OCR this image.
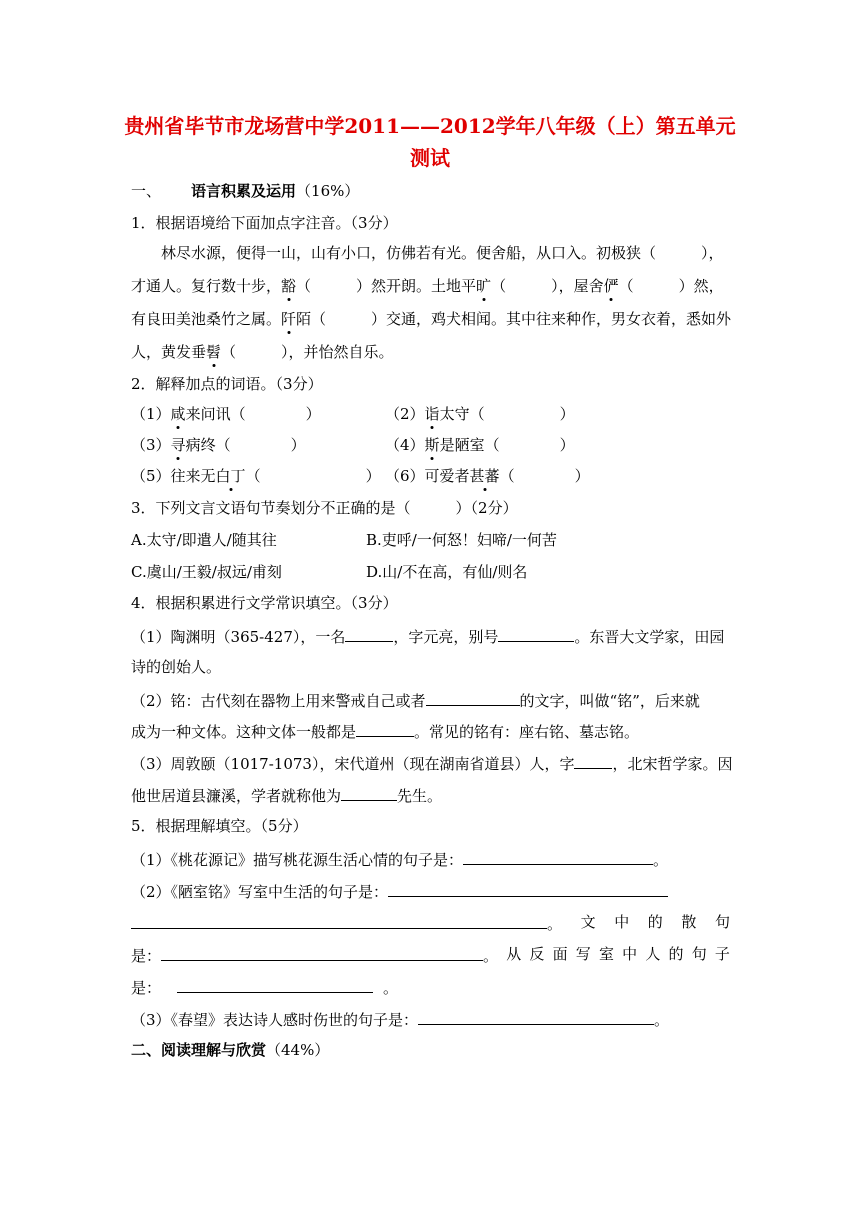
贵州省毕节市龙场营中学2011——2012学年八年级（上）第五单元
测试
一、 语言积累及运用（16%）
1．根据语境给下面加点字注音。（3分）
林尽水源，便得一山，山有小口，仿佛若有光。便舍船，从口入。初极狭（　　　），
才通人。复行数十步，豁（　　　）然开朗。土地平旷（　　　），屋舍俨（　　　）然，
有良田美池桑竹之属。阡陌（　　　）交通，鸡犬相闻。其中往来种作，男女衣着，悉如外
人，黄发垂髫（　　　），并怡然自乐。
2．解释加点的词语。（3分）
（1）咸来问讯（　　　　）	（2）诣太守（　　　　　）
（3）寻病终（　　　　）	（4）斯是陋室（　　　　）
（5）往来无白丁（　　　　　　　） （6）可爱者甚蕃（　　　　）
3．下列文言文语句节奏划分不正确的是（　　　）（2分）
A.太守/即遣人/随其往	B.吏呼/一何怒！妇啼/一何苦
C.虞山/王毅/叔远/甫刻	D.山/不在高，有仙/则名
4．根据积累进行文学常识填空。（3分）
（1）陶渊明（365-427），一名	，字元亮，别号	。东晋大文学家，田园
诗的创始人。
（2）铭：古代刻在器物上用来警戒自己或者	的文字，叫做“铭”，后来就
成为一种文体。这种文体一般都是	。常见的铭有：座右铭、墓志铭。
（3）周敦颐（1017-1073），宋代道州（现在湖南省道县）人，字	，北宋哲学家。因
他世居道县濂溪，学者就称他为	先生。
5．根据理解填空。（5分）
（1）《桃花源记》描写桃花源生活心情的句子是：	。
（2）《陋室铭》写室中生活的句子是：
。 文 中 的 散 句
是：	。 从 反 面 写 室 中 人 的 句 子
是：	。
（3）《春望》表达诗人感时伤世的句子是：	。
二、阅读理解与欣赏（44%）
